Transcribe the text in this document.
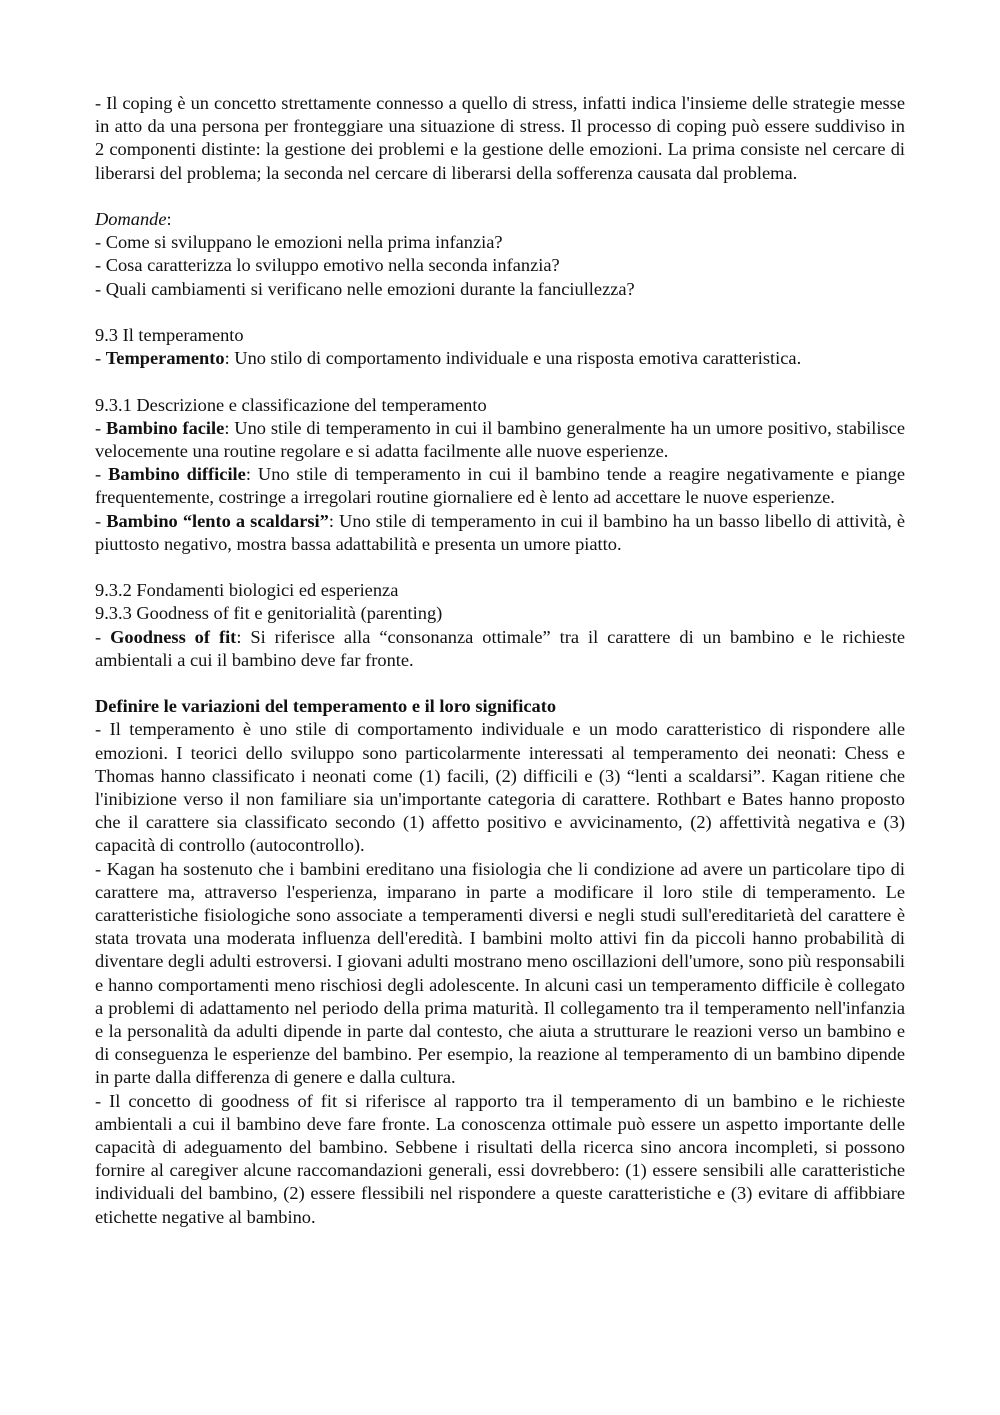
- Il coping è un concetto strettamente connesso a quello di stress, infatti indica l'insieme delle strategie messe in atto da una persona per fronteggiare una situazione di stress. Il processo di coping può essere suddiviso in 2 componenti distinte: la gestione dei problemi e la gestione delle emozioni. La prima consiste nel cercare di liberarsi del problema; la seconda nel cercare di liberarsi della sofferenza causata dal problema.

Domande:

- Come si sviluppano le emozioni nella prima infanzia?

- Cosa caratterizza lo sviluppo emotivo nella seconda infanzia?

- Quali cambiamenti si verificano nelle emozioni durante la fanciullezza?

9.3 Il temperamento

- Temperamento: Uno stilo di comportamento individuale e una risposta emotiva caratteristica.

9.3.1 Descrizione e classificazione del temperamento

- Bambino facile: Uno stile di temperamento in cui il bambino generalmente ha un umore positivo, stabilisce velocemente una routine regolare e si adatta facilmente alle nuove esperienze.

- Bambino difficile: Uno stile di temperamento in cui il bambino tende a reagire negativamente e piange frequentemente, costringe a irregolari routine giornaliere ed è lento ad accettare le nuove esperienze.

- Bambino “lento a scaldarsi”: Uno stile di temperamento in cui il bambino ha un basso libello di attività, è piuttosto negativo, mostra bassa adattabilità e presenta un umore piatto.

9.3.2 Fondamenti biologici ed esperienza

9.3.3 Goodness of fit e genitorialità (parenting)

- Goodness of fit: Si riferisce alla “consonanza ottimale” tra il carattere di un bambino e le richieste ambientali a cui il bambino deve far fronte.

Definire le variazioni del temperamento e il loro significato

- Il temperamento è uno stile di comportamento individuale e un modo caratteristico di rispondere alle emozioni. I teorici dello sviluppo sono particolarmente interessati al temperamento dei neonati: Chess e Thomas hanno classificato i neonati come (1) facili, (2) difficili e (3) “lenti a scaldarsi”. Kagan ritiene che l'inibizione verso il non familiare sia un'importante categoria di carattere. Rothbart e Bates hanno proposto che il carattere sia classificato secondo (1) affetto positivo e avvicinamento, (2) affettività negativa e (3) capacità di controllo (autocontrollo).

- Kagan ha sostenuto che i bambini ereditano una fisiologia che li condizione ad avere un particolare tipo di carattere ma, attraverso l'esperienza, imparano in parte a modificare il loro stile di temperamento. Le caratteristiche fisiologiche sono associate a temperamenti diversi e negli studi sull'ereditarietà del carattere è stata trovata una moderata influenza dell'eredità. I bambini molto attivi fin da piccoli hanno probabilità di diventare degli adulti estroversi. I giovani adulti mostrano meno oscillazioni dell'umore, sono più responsabili e hanno comportamenti meno rischiosi degli adolescente. In alcuni casi un temperamento difficile è collegato a problemi di adattamento nel periodo della prima maturità. Il collegamento tra il temperamento nell'infanzia e la personalità da adulti dipende in parte dal contesto, che aiuta a strutturare le reazioni verso un bambino e di conseguenza le esperienze del bambino. Per esempio, la reazione al temperamento di un bambino dipende in parte dalla differenza di genere e dalla cultura.

- Il concetto di goodness of fit si riferisce al rapporto tra il temperamento di un bambino e le richieste ambientali a cui il bambino deve fare fronte. La conoscenza ottimale può essere un aspetto importante delle capacità di adeguamento del bambino. Sebbene i risultati della ricerca sino ancora incompleti, si possono fornire al caregiver alcune raccomandazioni generali, essi dovrebbero: (1) essere sensibili alle caratteristiche individuali del bambino, (2) essere flessibili nel rispondere a queste caratteristiche e (3) evitare di affibbiare etichette negative al bambino.
